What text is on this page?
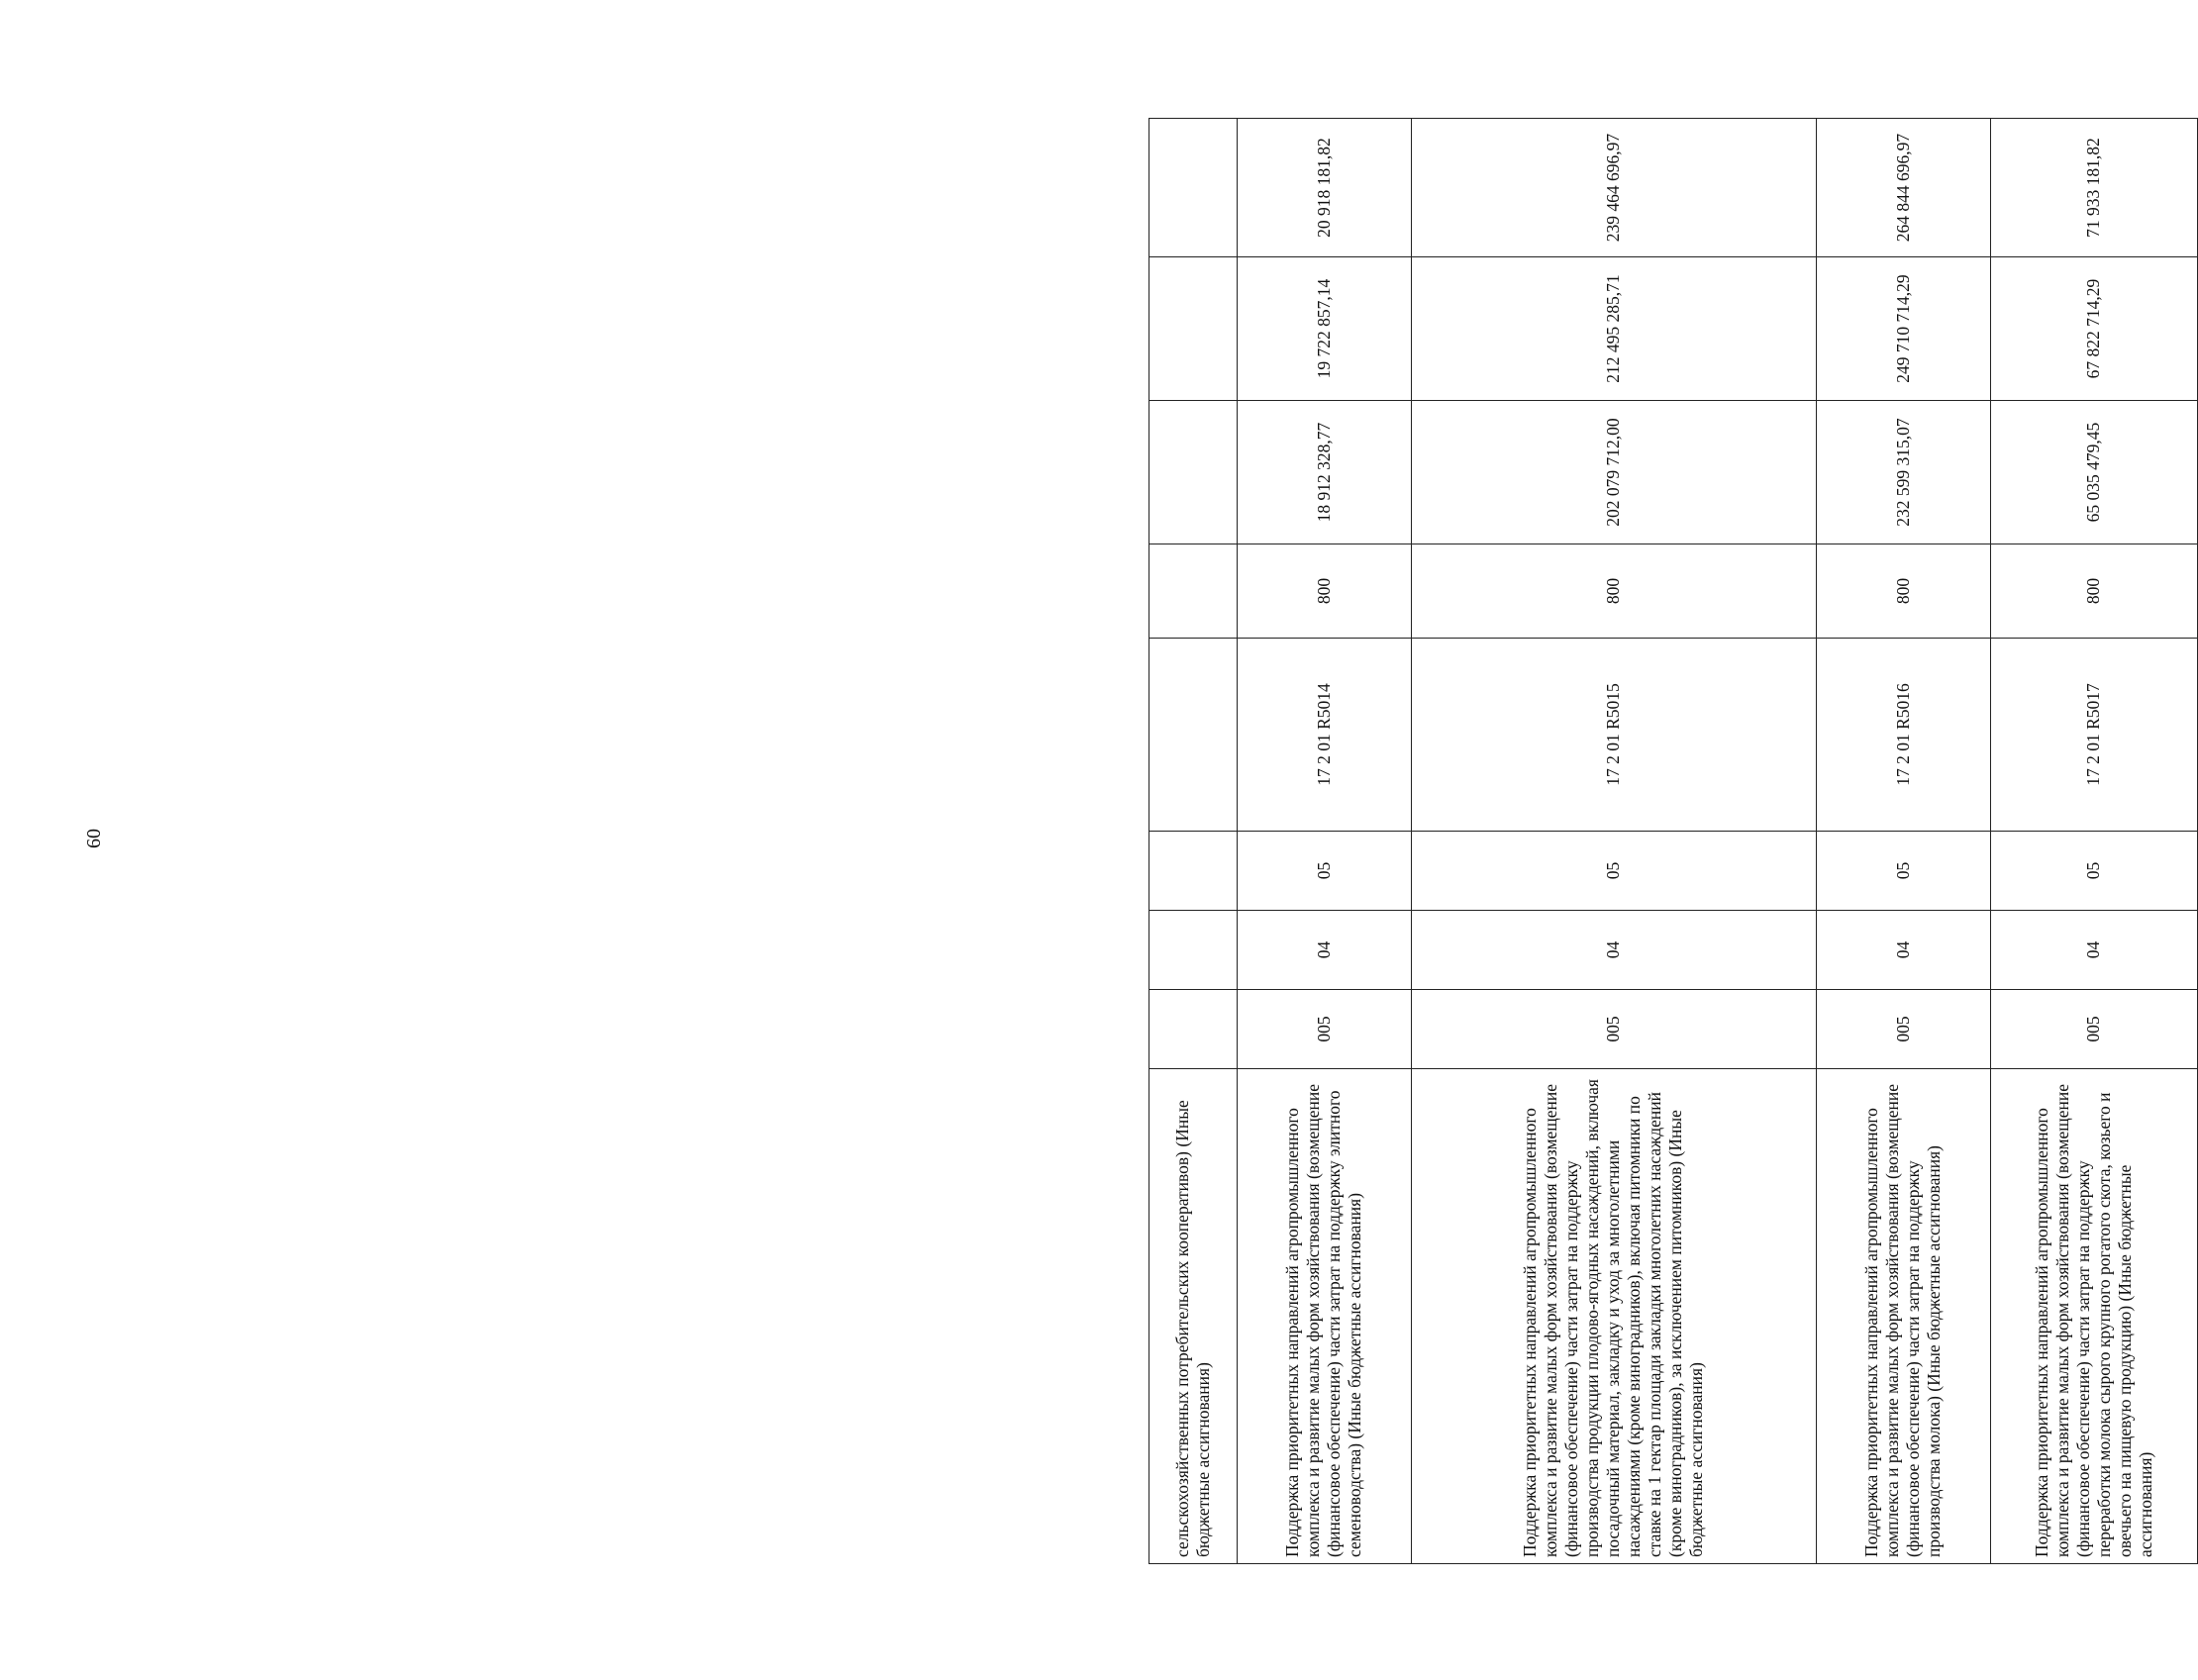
60
сельскохозяйственных потребительских кооперативов) (Иные бюджетные ассигнования)								
Поддержка приоритетных направлений агропромышленного комплекса и развитие малых форм хозяйствования (возмещение (финансовое обеспечение) части затрат на поддержку элитного семеноводства) (Иные бюджетные ассигнования)	005	04	05	17 2 01 R5014	800	18 912 328,77	19 722 857,14	20 918 181,82
Поддержка приоритетных направлений агропромышленного комплекса и развитие малых форм хозяйствования (возмещение (финансовое обеспечение) части затрат на поддержку производства продукции плодово-ягодных насаждений, включая посадочный материал, закладку и уход за многолетними насаждениями (кроме виноградников), включая питомники по ставке на 1 гектар площади закладки многолетних насаждений (кроме виноградников), за исключением питомников) (Иные бюджетные ассигнования)	005	04	05	17 2 01 R5015	800	202 079 712,00	212 495 285,71	239 464 696,97
Поддержка приоритетных направлений агропромышленного комплекса и развитие малых форм хозяйствования (возмещение (финансовое обеспечение) части затрат на поддержку производства молока) (Иные бюджетные ассигнования)	005	04	05	17 2 01 R5016	800	232 599 315,07	249 710 714,29	264 844 696,97
Поддержка приоритетных направлений агропромышленного комплекса и развитие малых форм хозяйствования (возмещение (финансовое обеспечение) части затрат на поддержку переработки молока сырого крупного рогатого скота, козьего и овечьего на пищевую продукцию) (Иные бюджетные ассигнования)	005	04	05	17 2 01 R5017	800	65 035 479,45	67 822 714,29	71 933 181,82
